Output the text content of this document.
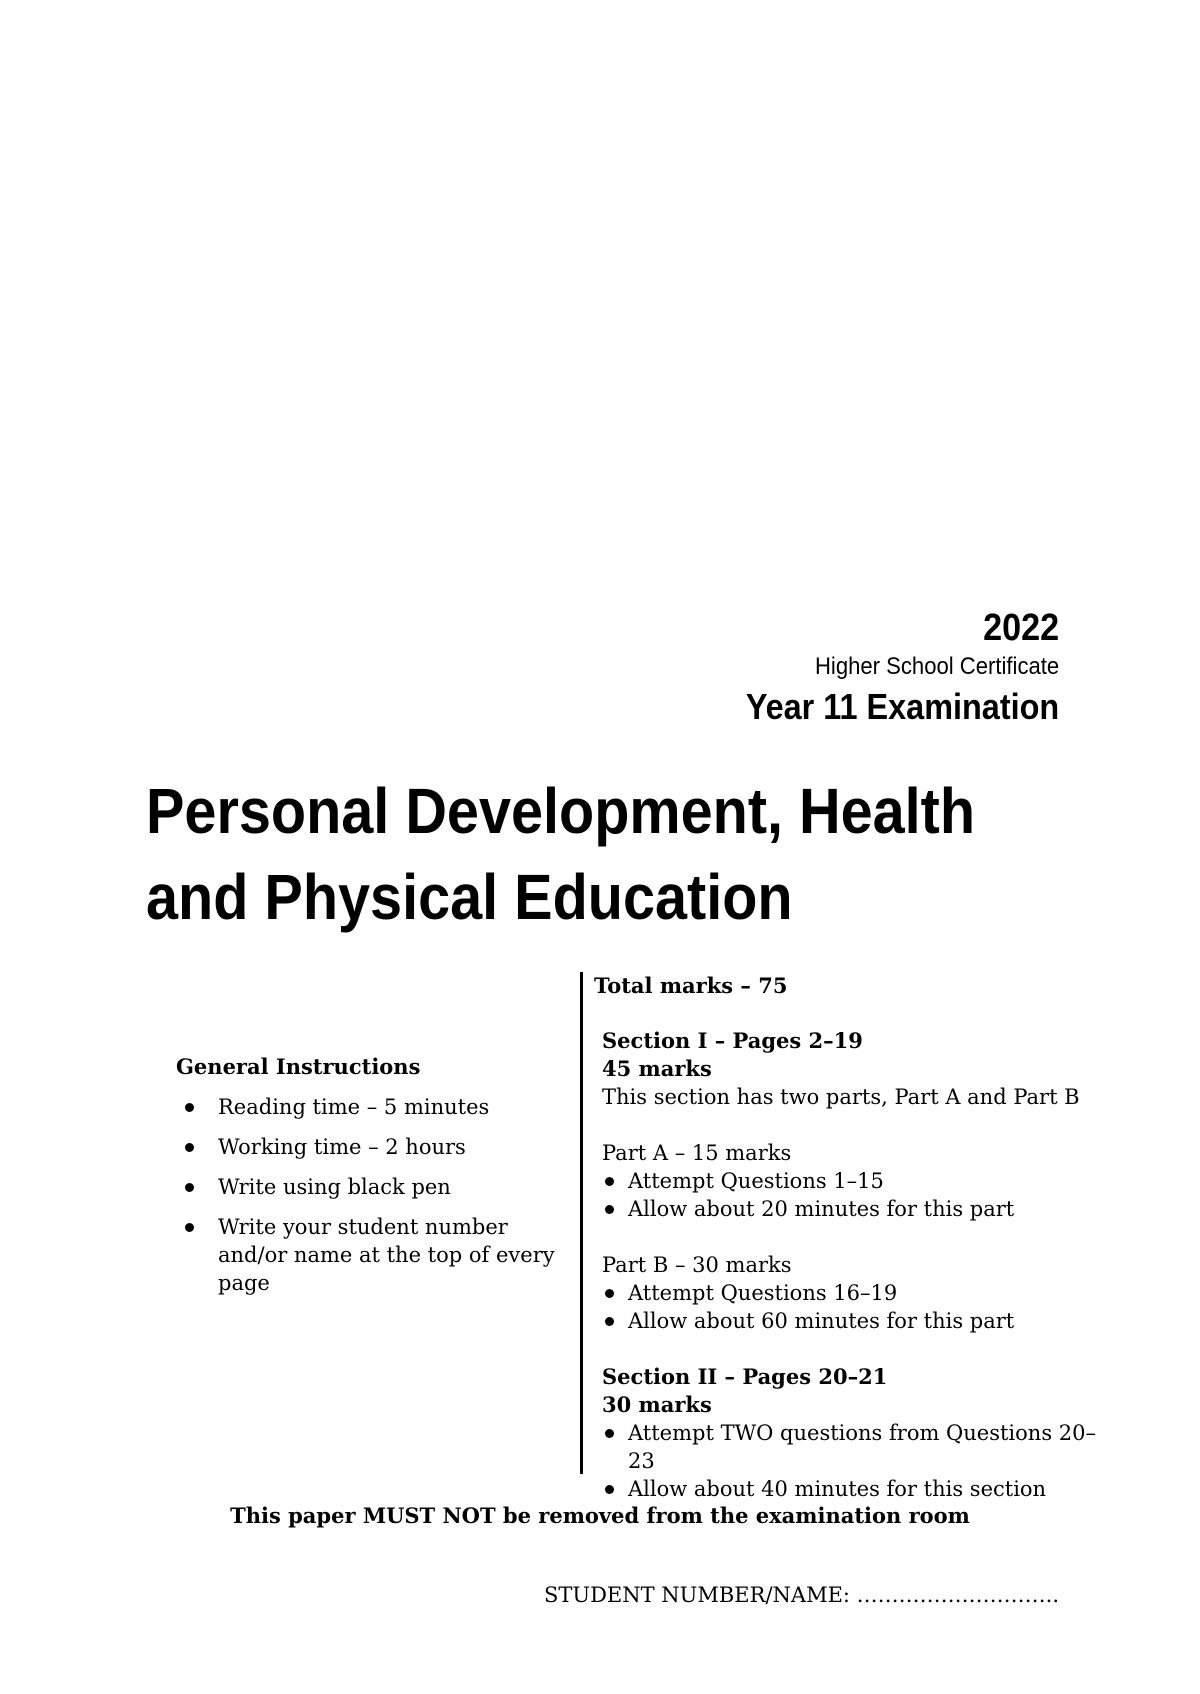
2022
Higher School Certificate
Year 11 Examination
Personal Development, Health
and Physical Education
General Instructions
Reading time – 5 minutes
Working time – 2 hours
Write using black pen
Write your student number and/or name at the top of every page
Total marks – 75
Section I – Pages 2–19
45 marks
This section has two parts, Part A and Part B
Part A – 15 marks
Attempt Questions 1–15
Allow about 20 minutes for this part
Part B – 30 marks
Attempt Questions 16–19
Allow about 60 minutes for this part
Section II – Pages 20–21
30 marks
Attempt TWO questions from Questions 20–23
Allow about 40 minutes for this section
This paper MUST NOT be removed from the examination room
STUDENT NUMBER/NAME: ………………………..
